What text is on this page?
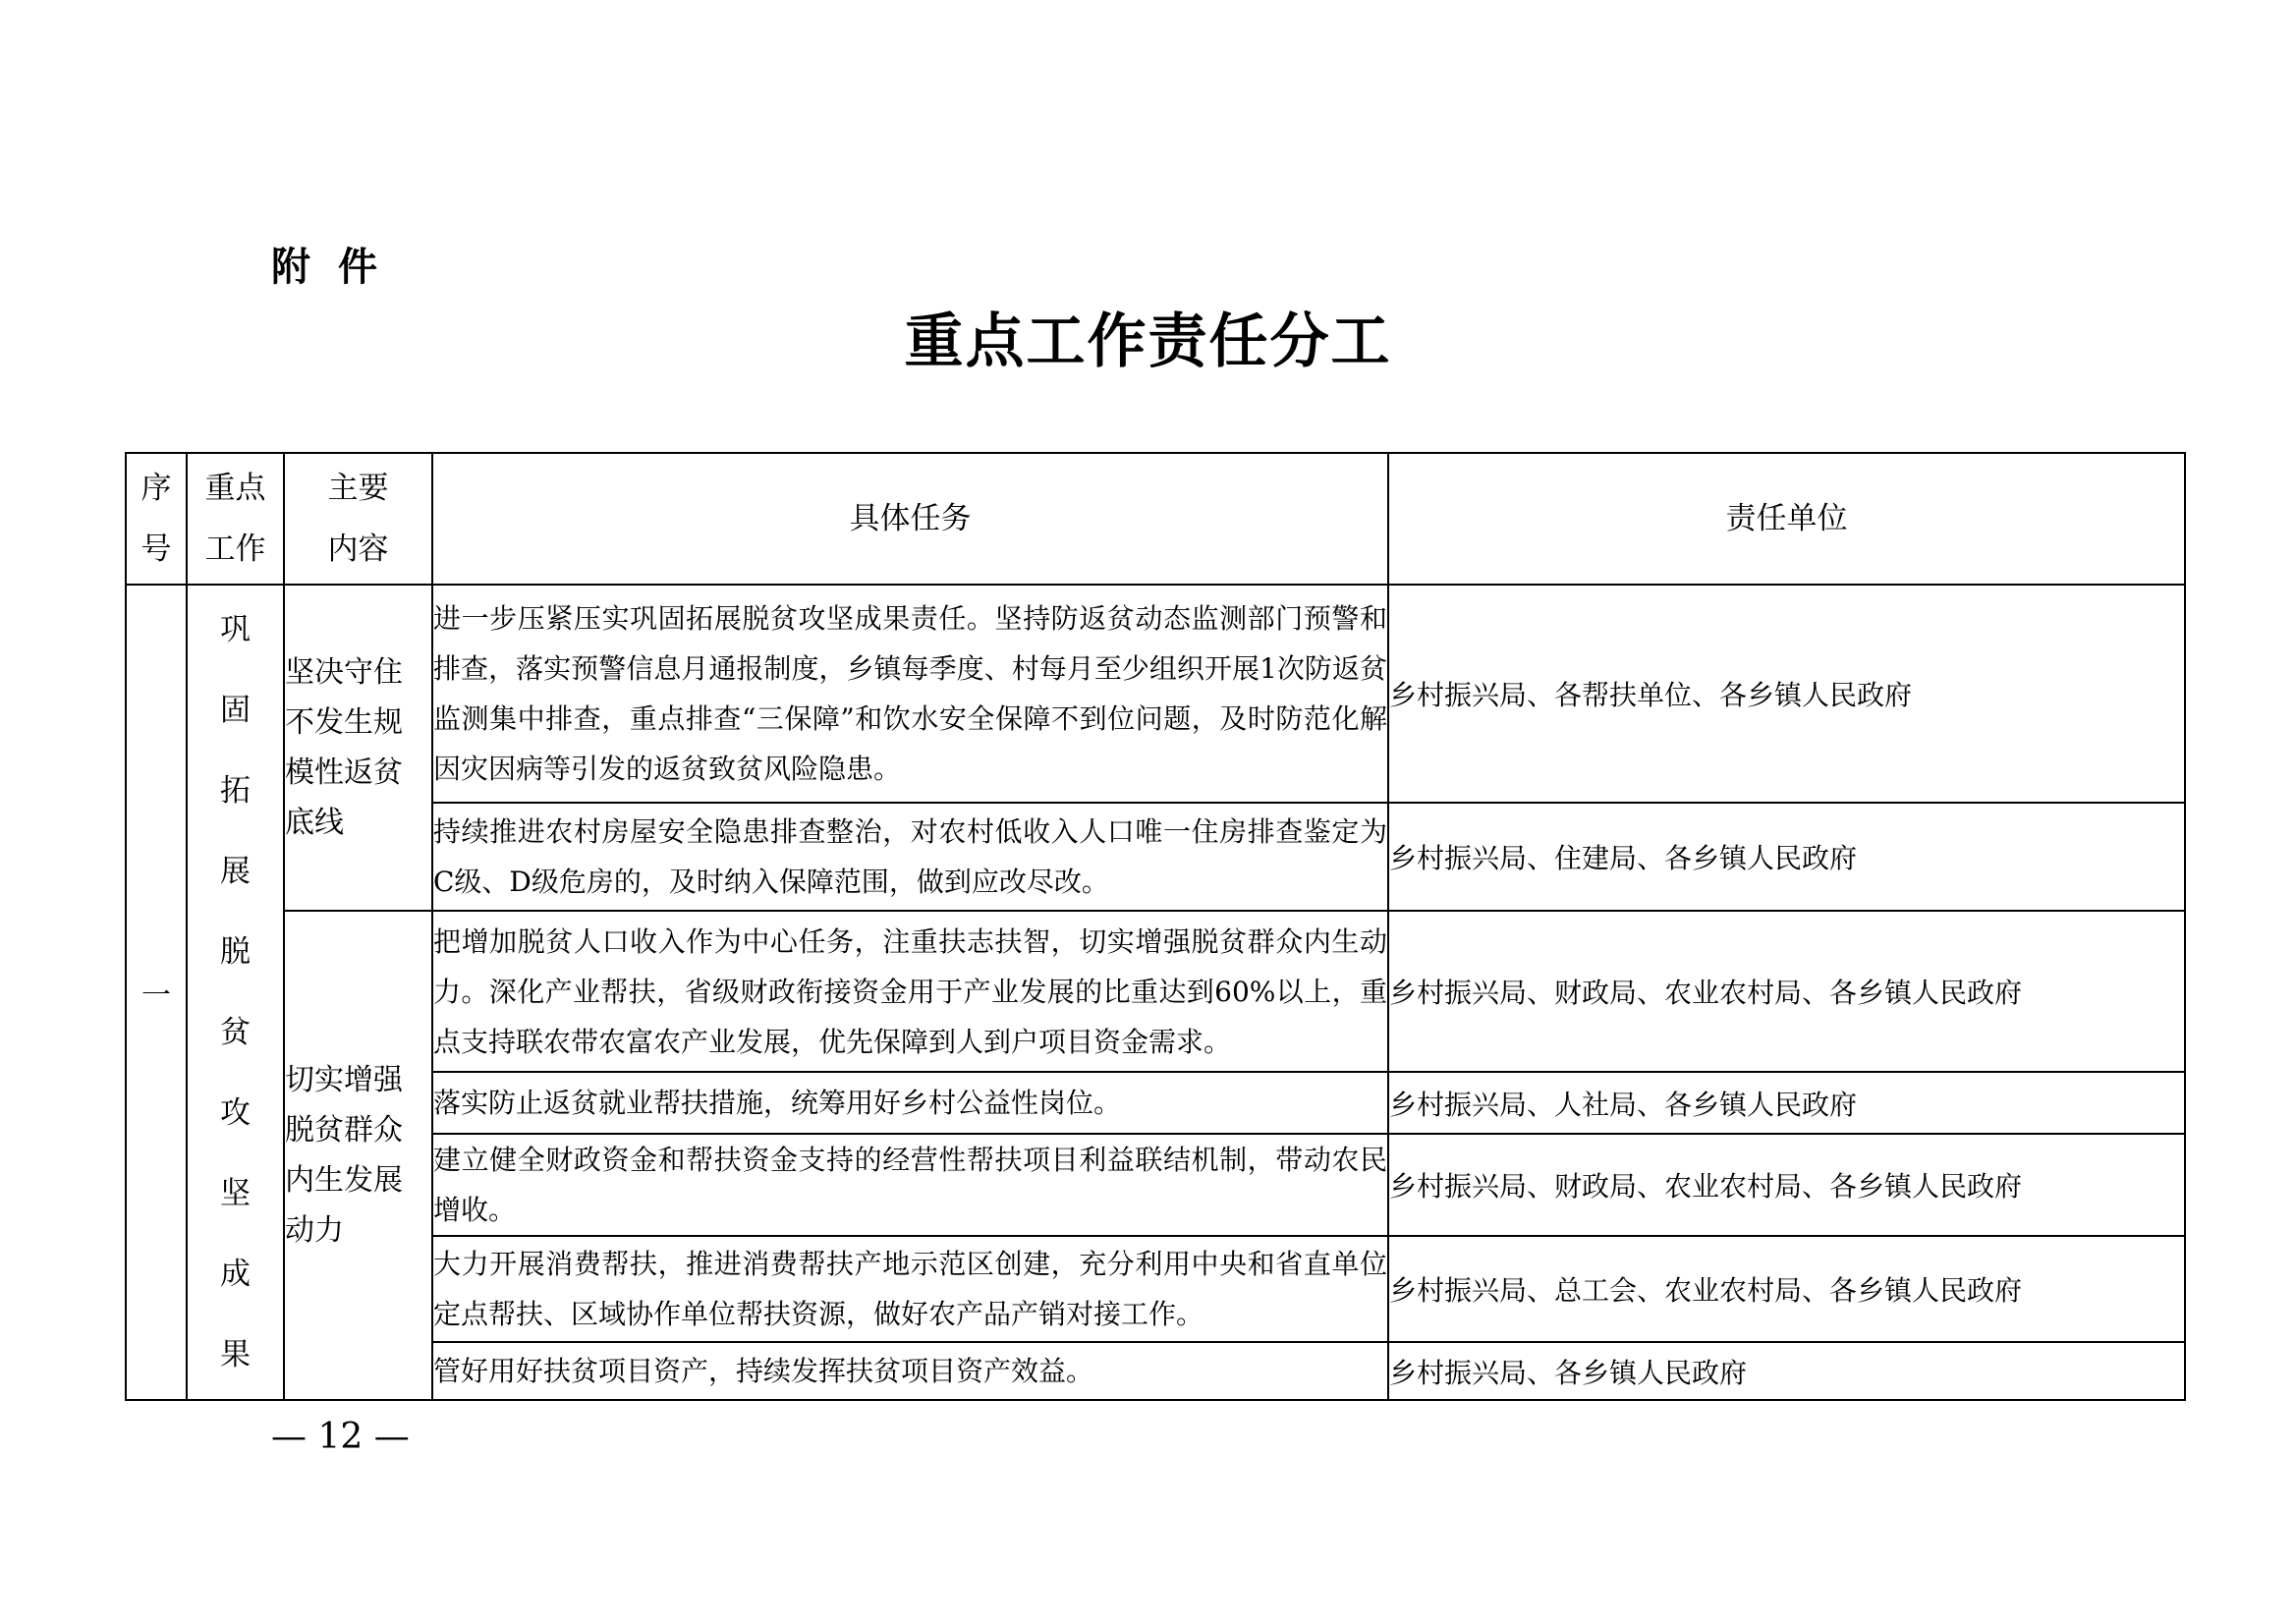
附件
重点工作责任分工
序号	重点工作	主要内容	具体任务	责任单位
一	巩固拓展脱贫攻坚成果	坚决守住不发生规模性返贫底线	进一步压紧压实巩固拓展脱贫攻坚成果责任。坚持防返贫动态监测部门预警和排查，落实预警信息月通报制度，乡镇每季度、村每月至少组织开展1次防返贫监测集中排查，重点排查“三保障”和饮水安全保障不到位问题，及时防范化解因灾因病等引发的返贫致贫风险隐患。	乡村振兴局、各帮扶单位、各乡镇人民政府
			持续推进农村房屋安全隐患排查整治，对农村低收入人口唯一住房排查鉴定为C级、D级危房的，及时纳入保障范围，做到应改尽改。	乡村振兴局、住建局、各乡镇人民政府
		切实增强脱贫群众内生发展动力	把增加脱贫人口收入作为中心任务，注重扶志扶智，切实增强脱贫群众内生动力。深化产业帮扶，省级财政衔接资金用于产业发展的比重达到60%以上，重点支持联农带农富农产业发展，优先保障到人到户项目资金需求。	乡村振兴局、财政局、农业农村局、各乡镇人民政府
			落实防止返贫就业帮扶措施，统筹用好乡村公益性岗位。	乡村振兴局、人社局、各乡镇人民政府
			建立健全财政资金和帮扶资金支持的经营性帮扶项目利益联结机制，带动农民增收。	乡村振兴局、财政局、农业农村局、各乡镇人民政府
			大力开展消费帮扶，推进消费帮扶产地示范区创建，充分利用中央和省直单位定点帮扶、区域协作单位帮扶资源，做好农产品产销对接工作。	乡村振兴局、总工会、农业农村局、各乡镇人民政府
			管好用好扶贫项目资产，持续发挥扶贫项目资产效益。	乡村振兴局、各乡镇人民政府
— 12 —
